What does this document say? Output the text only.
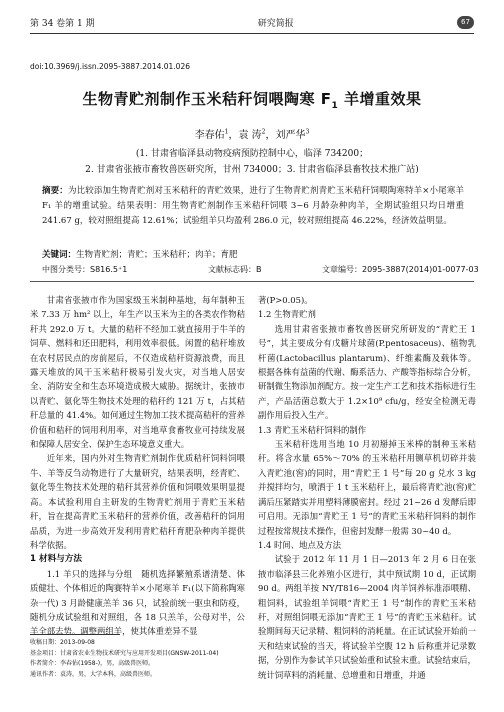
第 34 卷第 1 期	研究简报	67
doi:10.3969/j.issn.2095-3887.2014.01.026
生物青贮剂制作玉米秸秆饲喂陶寒 $F_1$ 羊增重效果
李春佑$^1$，袁 涛$^2$，刘严华$^3$
(1. 甘肃省临泽县动物疫病预防控制中心，临泽 734200；
2. 甘肃省张掖市畜牧兽医研究所，甘州 734000；3. 甘肃省临泽县畜牧技术推广站)
摘要：为比较添加生物青贮剂对玉米秸秆的青贮效果，进行了生物青贮剂青贮玉米秸秆饲喂陶寒特羊×小尾寒羊 F₁ 羊的增重试验。结果表明：用生物青贮剂制作玉米秸秆饲喂 3~6 月龄杂种肉羊，全期试验组只均日增重 241.67 g，较对照组提高 12.61%；试验组羊只均盈利 286.0 元，较对照组提高 46.22%，经济效益明显。
关键词：生物青贮剂；青贮；玉米秸秆；肉羊；育肥
中图分类号：S816.5⁺1	文献标志码：B	文章编号：2095-3887(2014)01-0077-03

甘肃省张掖市作为国家级玉米制种基地，每年制种玉米 7.33 万 hm² 以上，年生产以玉米为主的各类农作物秸秆共 292.0 万 t。大量的秸秆不经加工就直接用于牛羊的饲草、燃料和还田肥料，利用效率很低。闲置的秸秆堆放在农村居民点的房前屋后，不仅造成秸秆资源浪费，而且露天堆放的风干玉米秸秆极易引发火灾，对当地人居安全、消防安全和生态环境造成极大威胁。据统计，张掖市以青贮、氨化等生物技术处理的秸秆约 121 万 t，占其秸秆总量的 41.4%。如何通过生物加工技术提高秸秆的营养价值和秸秆的饲用利用率，对当地草食畜牧业可持续发展和保障人居安全、保护生态环境意义重大。

近年来，国内外对生物青贮剂制作优质秸秆饲料饲喂牛、羊等反刍动物进行了大量研究，结果表明，经青贮、氨化等生物技术处理的秸秆其营养价值和饲喂效果明显提高。本试验利用自主研发的生物青贮剂用于青贮玉米秸秆，旨在提高青贮玉米秸秆的营养价值，改善秸秆的饲用品质，为进一步高效开发利用青贮秸秆育肥杂种肉羊提供科学依据。

1 材料与方法

1.1 羊只的选择与分组　 随机选择繁殖系谱清楚、体质健壮、个体相近的陶赛特羊×小尾寒羊 F₁(以下简称陶寒杂一代) 3 月龄健康羔羊 36 只，试验前统一驱虫和防疫，随机分成试验组和对照组，各 18 只羔羊，公母对半，公羊全部去势。调整两组羊，使其体重差异不显

著(P>0.05)。

1.2 生物青贮剂

选用甘肃省张掖市畜牧兽医研究所研发的“青贮王 1 号”，其主要成分有戊糖片球菌(P.pentosaceus)、植物乳杆菌(Lactobacillus plantarum)、纤维素酶及载体等。根据各株有益菌的代谢、酶系活力、产酸等指标综合分析，研制微生物添加剂配方。按一定生产工艺和技术指标进行生产，产品活菌总数大于 1.2×10⁹ cfu/g，经安全检测无毒副作用后投入生产。

1.3 青贮玉米秸秆饲料的制作

玉米秸秆选用当地 10 月初掰掉玉米棒的制种玉米秸秆。将含水量 65%～70% 的玉米秸秆用铡草机切碎并装入青贮池(窖)的同时，用“青贮王 1 号”每 20 g 兑水 3 kg 并搅拌均匀，喷洒于 1 t 玉米秸秆上，最后将青贮池(窖)贮满后压紧踏实并用塑料薄膜密封。经过 21~26 d 发酵后即可启用。无添加“青贮王 1 号”的青贮玉米秸秆饲料的制作过程按常规技术操作，但密封发酵一般需 30~40 d。

1.4 时间、地点及方法

试验于 2012 年 11 月 1 日—2013 年 2 月 6 日在张掖市临泽县三化养殖小区进行，其中预试期 10 d，正试期 90 d。两组羊按 NY/T816—2004 肉羊饲养标准添喂精、粗饲料，试验组羊饲喂“青贮王 1 号”制作的青贮玉米秸秆，对照组饲喂无添加“青贮王 1 号”的青贮玉米秸秆。试验期间每天记录精、粗饲料的消耗量。在正试试验开始前一天和结束试验的当天，将试验羊空腹 12 h 后称重并记录数据，分别作为参试羊只试验始重和试验末重。试验结束后，统计饲草料的消耗量、总增重和日增重，并通

收稿日期：2013-09-08
基金项目：甘肃省农业生物技术研究与应用开发项目(GNSW-2011-04)
作者简介：李春佑(1958-)，男，高级兽医师。
通讯作者：袁涛，男，大学本科，高级兽医师。
